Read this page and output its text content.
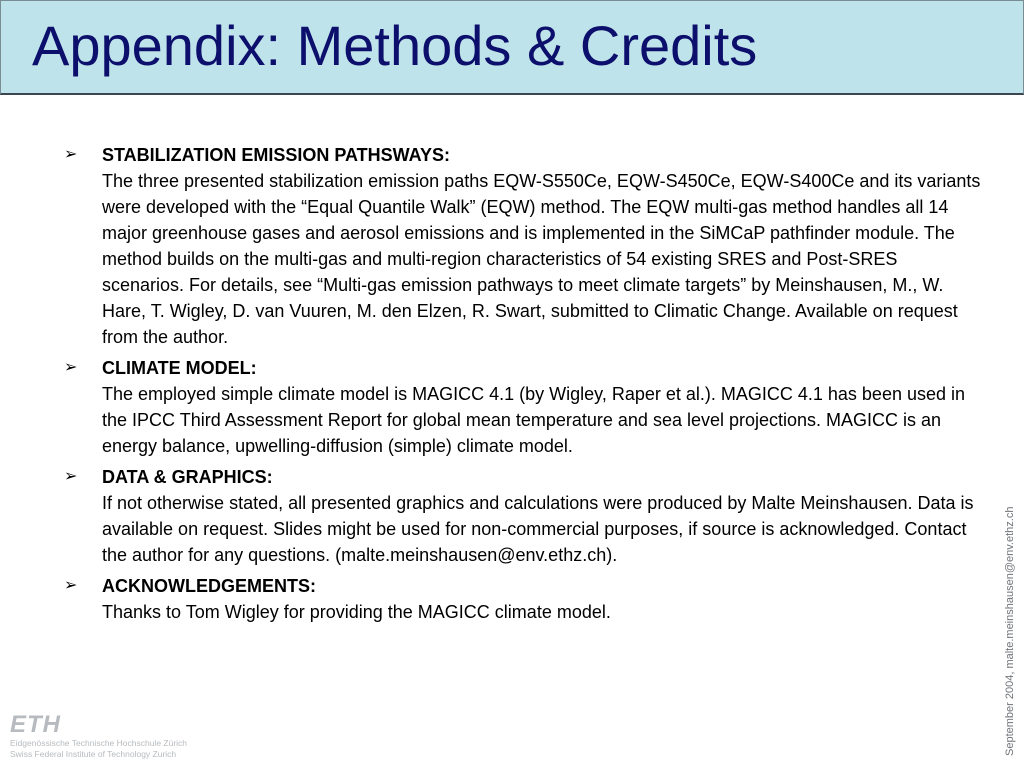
Appendix: Methods & Credits
➢ STABILIZATION EMISSION PATHSWAYS:
The three presented stabilization emission paths EQW-S550Ce, EQW-S450Ce, EQW-S400Ce and its variants were developed with the “Equal Quantile Walk” (EQW) method. The EQW multi-gas method handles all 14 major greenhouse gases and aerosol emissions and is implemented in the SiMCaP pathfinder module. The method builds on the multi-gas and multi-region characteristics of 54 existing SRES and Post-SRES scenarios. For details, see “Multi-gas emission pathways to meet climate targets” by Meinshausen, M., W. Hare, T. Wigley, D. van Vuuren, M. den Elzen, R. Swart, submitted to Climatic Change. Available on request from the author.
➢ CLIMATE MODEL:
The employed simple climate model is MAGICC 4.1 (by Wigley, Raper et al.). MAGICC 4.1 has been used in the IPCC Third Assessment Report for global mean temperature and sea level projections. MAGICC is an energy balance, upwelling-diffusion (simple) climate model.
➢ DATA & GRAPHICS:
If not otherwise stated, all presented graphics and calculations were produced by Malte Meinshausen. Data is available on request. Slides might be used for non-commercial purposes, if source is acknowledged. Contact the author for any questions. (malte.meinshausen@env.ethz.ch).
➢ ACKNOWLEDGEMENTS:
Thanks to Tom Wigley for providing the MAGICC climate model.	September 2004, malte.meinshausen@env.ethz.ch
ETH
Eidgenössische Technische Hochschule Zürich
Swiss Federal Institute of Technology Zurich
